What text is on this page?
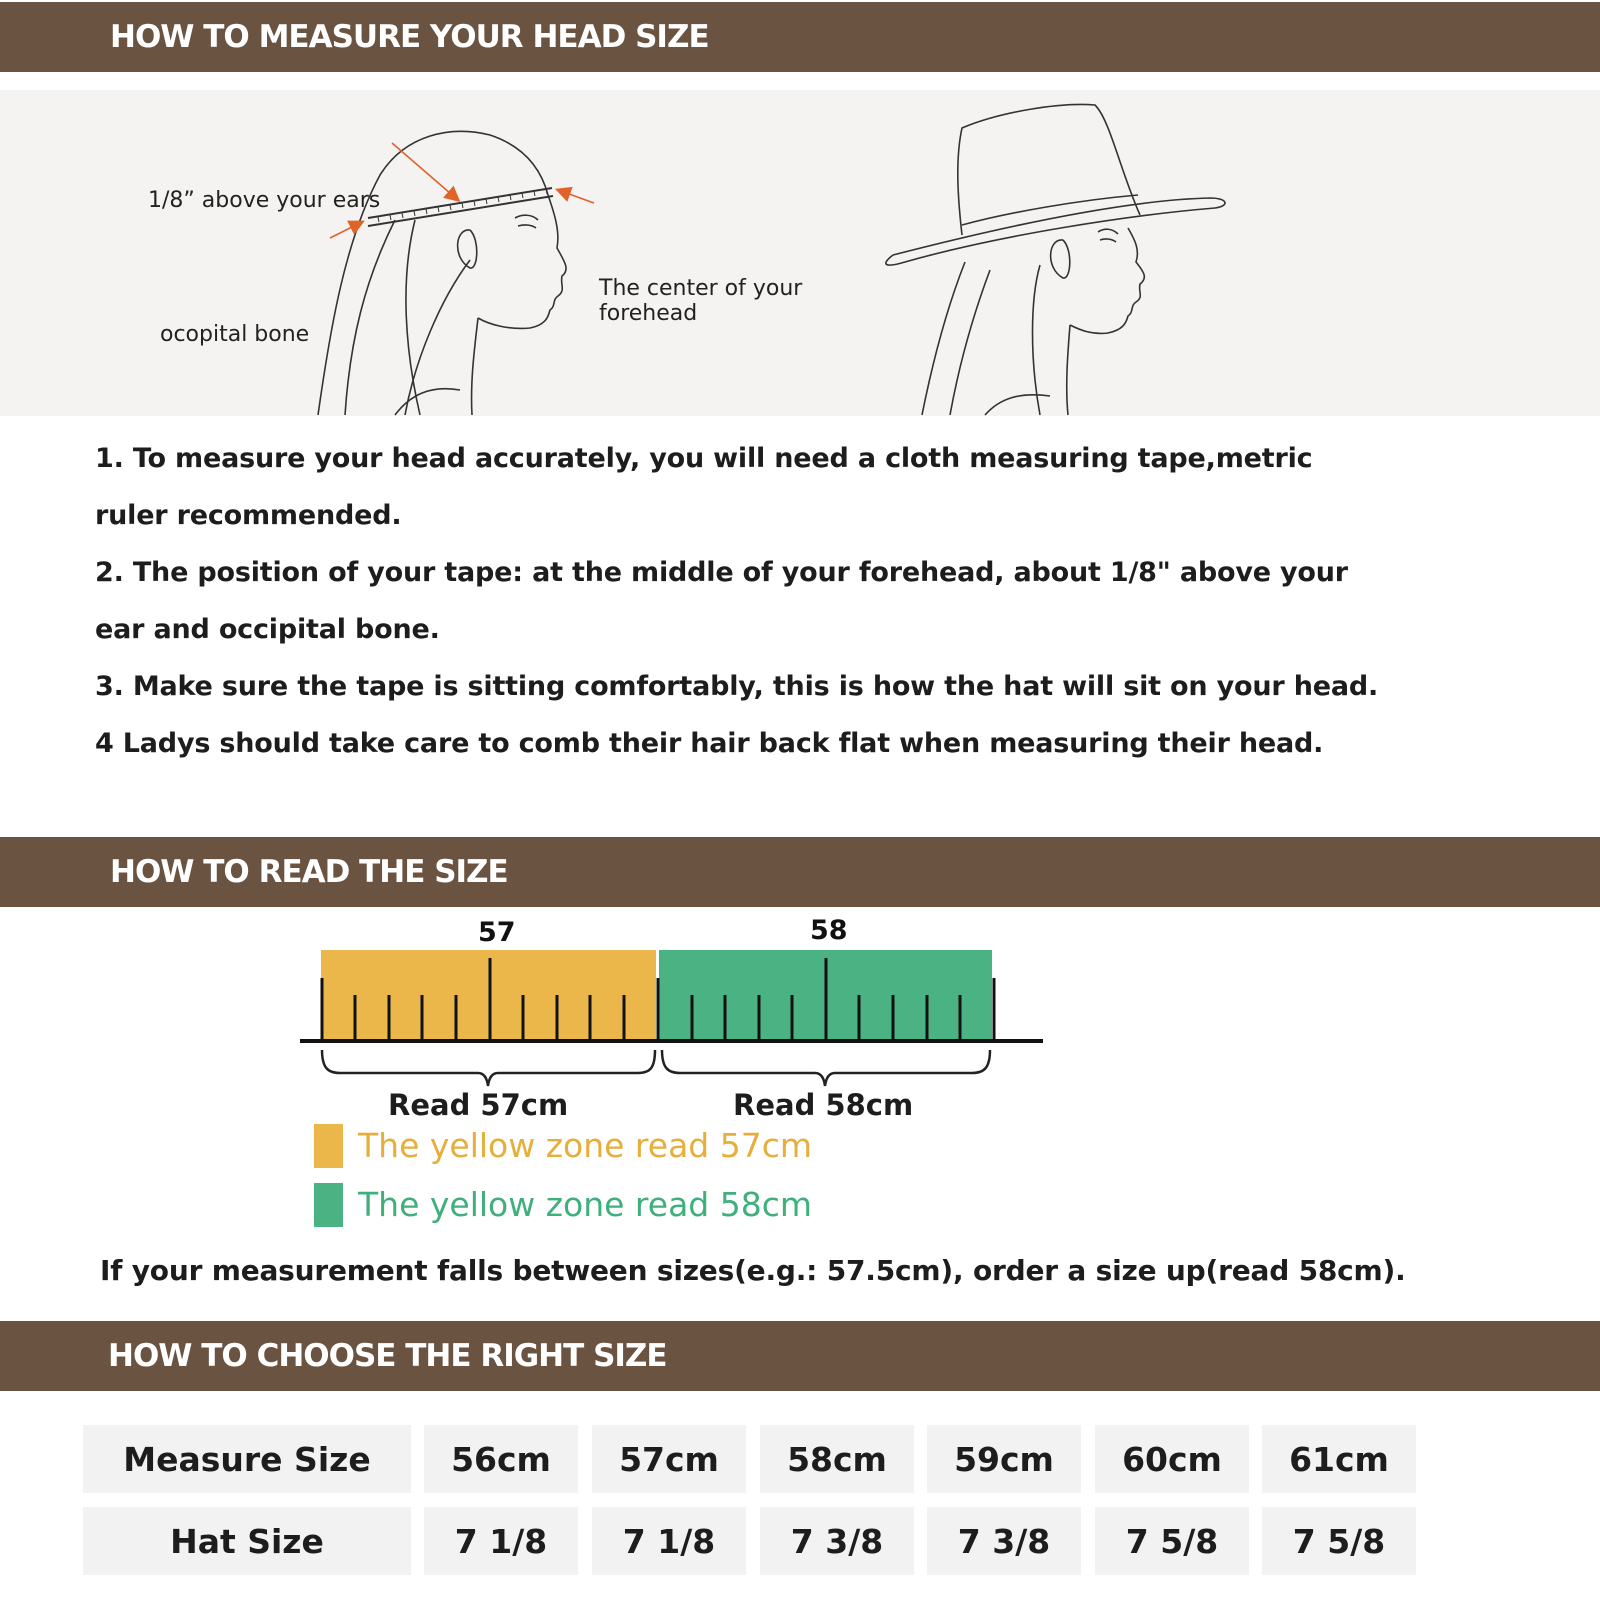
HOW TO MEASURE YOUR HEAD SIZE
1/8” above your ears
The center of your
forehead
ocopital bone

1. To measure your head accurately, you will need a cloth measuring tape,metric

ruler recommended.

2. The position of your tape: at the middle of your forehead, about 1/8" above your

ear and occipital bone.

3. Make sure the tape is sitting comfortably, this is how the hat will sit on your head.

4 Ladys should take care to comb their hair back flat when measuring their head.

HOW TO READ THE SIZE
57	58
Read 57cm	Read 58cm
The yellow zone read 57cm
The yellow zone read 58cm
If your measurement falls between sizes(e.g.: 57.5cm), order a size up(read 58cm).
HOW TO CHOOSE THE RIGHT SIZE
Measure Size	56cm	57cm	58cm	59cm	60cm	61cm
Hat Size	7 1/8	7 1/8	7 3/8	7 3/8	7 5/8	7 5/8
